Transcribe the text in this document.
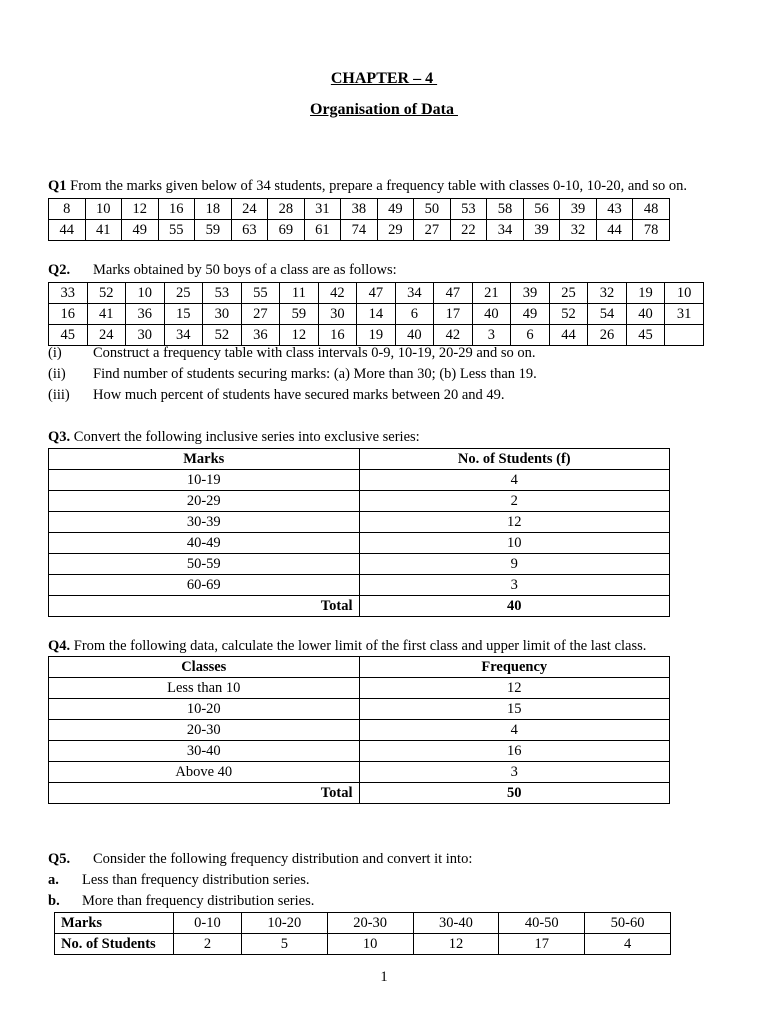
CHAPTER – 4
Organisation of Data
Q1 From the marks given below of 34 students, prepare a frequency table with classes 0-10, 10-20, and so on.
8	10	12	16	18	24	28	31	38	49	50	53	58	56	39	43	48
44	41	49	55	59	63	69	61	74	29	27	22	34	39	32	44	78
Q2. Marks obtained by 50 boys of a class are as follows:
33	52	10	25	53	55	11	42	47	34	47	21	39	25	32	19	10
16	41	36	15	30	27	59	30	14	6	17	40	49	52	54	40	31
45	24	30	34	52	36	12	16	19	40	42	3	6	44	26	45	
(i) Construct a frequency table with class intervals 0-9, 10-19, 20-29 and so on.
(ii) Find number of students securing marks: (a) More than 30; (b) Less than 19.
(iii) How much percent of students have secured marks between 20 and 49.
Q3. Convert the following inclusive series into exclusive series:
Marks	No. of Students (f)
10-19	4
20-29	2
30-39	12
40-49	10
50-59	9
60-69	3
Total	40
Q4. From the following data, calculate the lower limit of the first class and upper limit of the last class.
Classes	Frequency
Less than 10	12
10-20	15
20-30	4
30-40	16
Above 40	3
Total	50
Q5. Consider the following frequency distribution and convert it into:
a. Less than frequency distribution series.
b. More than frequency distribution series.
Marks	0-10	10-20	20-30	30-40	40-50	50-60
No. of Students	2	5	10	12	17	4
1
